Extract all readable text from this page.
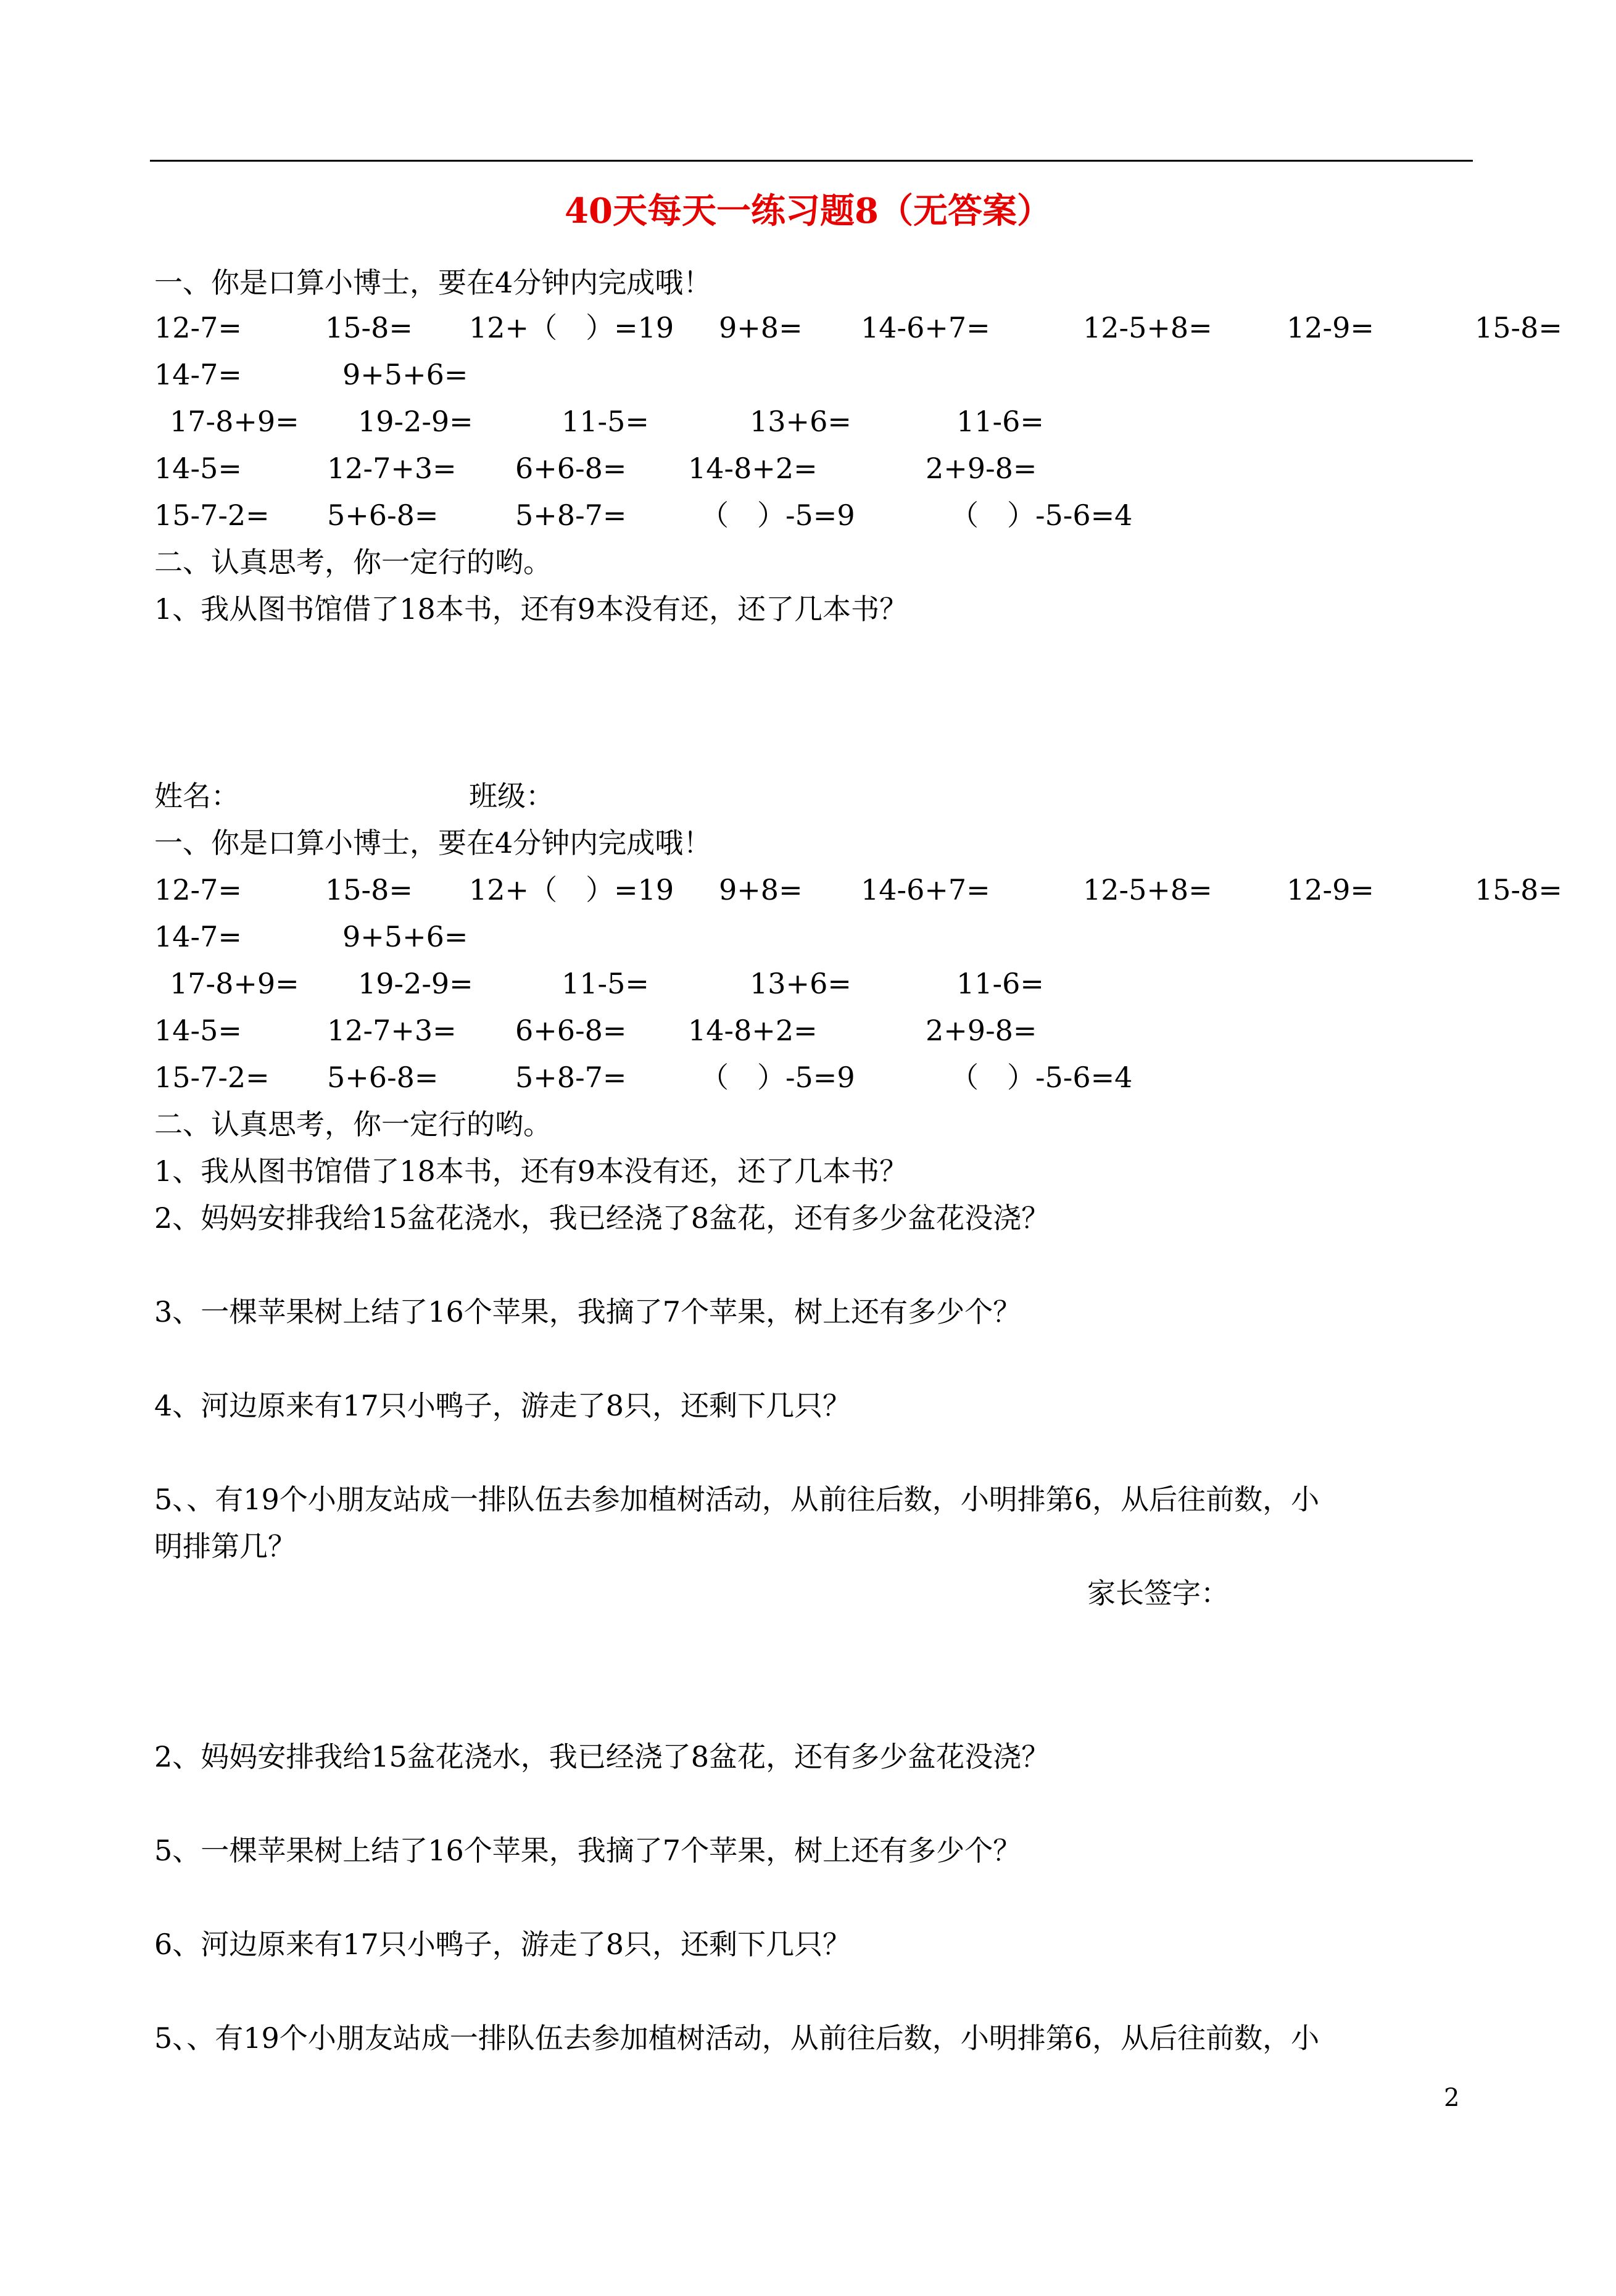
40天每天一练习题8（无答案）
一、你是口算小博士，要在4分钟内完成哦！
12-7=	15-8= 12+（　）=19 9+8= 14-6+7=	12-5+8=	12-9=	15-8=
14-7=	9+5+6=
17-8+9= 19-2-9=	11-5=	13+6=	11-6=
14-5=	12-7+3= 6+6-8= 14-8+2=	2+9-8=
15-7-2= 5+6-8=	5+8-7=	（　）-5=9	（　）-5-6=4
二、认真思考，你一定行的哟。
1、我从图书馆借了18本书，还有9本没有还，还了几本书？
姓名：	班级：
一、你是口算小博士，要在4分钟内完成哦！
12-7=	15-8= 12+（　）=19 9+8= 14-6+7=	12-5+8=	12-9=	15-8=
14-7=	9+5+6=
17-8+9= 19-2-9=	11-5=	13+6=	11-6=
14-5=	12-7+3= 6+6-8= 14-8+2=	2+9-8=
15-7-2= 5+6-8=	5+8-7=	（　）-5=9	（　）-5-6=4
二、认真思考，你一定行的哟。
1、我从图书馆借了18本书，还有9本没有还，还了几本书？
2、妈妈安排我给15盆花浇水，我已经浇了8盆花，还有多少盆花没浇？
3、一棵苹果树上结了16个苹果，我摘了7个苹果，树上还有多少个？
4、河边原来有17只小鸭子，游走了8只，还剩下几只？
5、、有19个小朋友站成一排队伍去参加植树活动，从前往后数，小明排第6，从后往前数，小
明排第几？
家长签字：
2、妈妈安排我给15盆花浇水，我已经浇了8盆花，还有多少盆花没浇？
5、一棵苹果树上结了16个苹果，我摘了7个苹果，树上还有多少个？
6、河边原来有17只小鸭子，游走了8只，还剩下几只？
5、、有19个小朋友站成一排队伍去参加植树活动，从前往后数，小明排第6，从后往前数，小
2
